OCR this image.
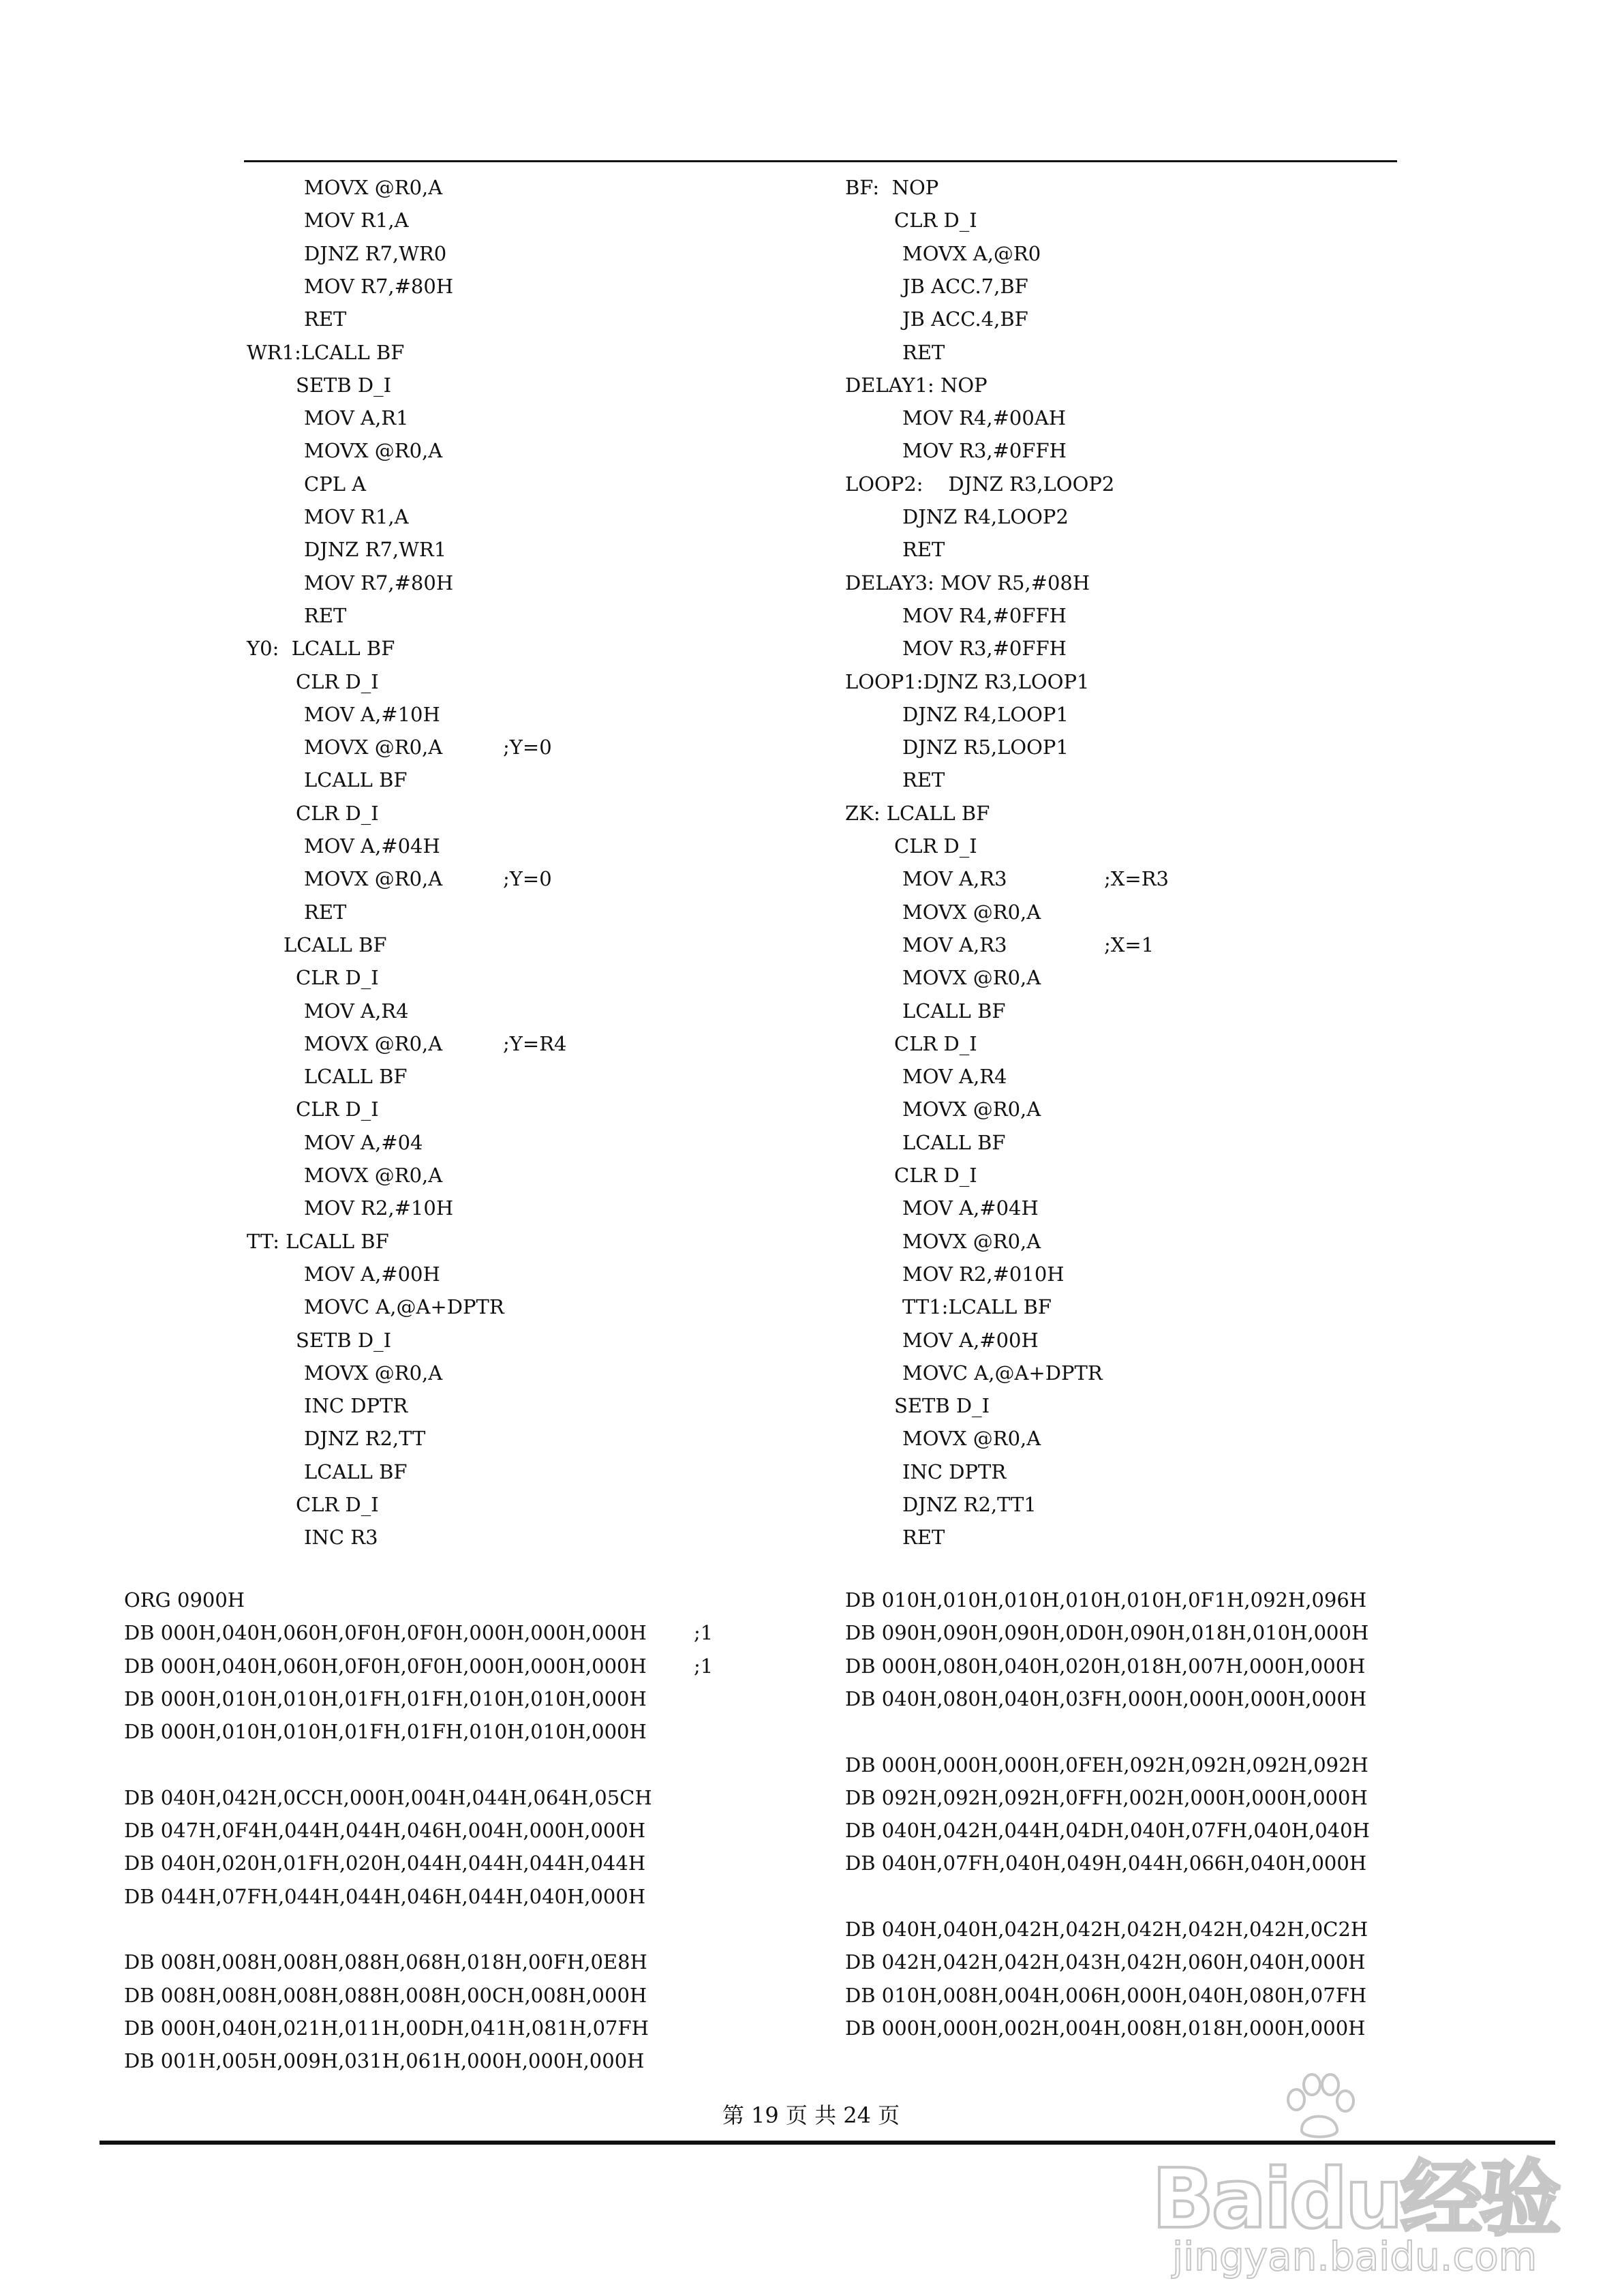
MOVX @R0,A
MOV R1,A
DJNZ R7,WR0
MOV R7,#80H
RET
WR1:LCALL BF
SETB D_I
MOV A,R1
MOVX @R0,A
CPL A
MOV R1,A
DJNZ R7,WR1
MOV R7,#80H
RET
Y0:  LCALL BF
CLR D_I
MOV A,#10H
MOVX @R0,A	;Y=0
LCALL BF
CLR D_I
MOV A,#04H
MOVX @R0,A	;Y=0
RET
LCALL BF
CLR D_I
MOV A,R4
MOVX @R0,A	;Y=R4
LCALL BF
CLR D_I
MOV A,#04
MOVX @R0,A
MOV R2,#10H
TT: LCALL BF
MOV A,#00H
MOVC A,@A+DPTR
SETB D_I
MOVX @R0,A
INC DPTR
DJNZ R2,TT
LCALL BF
CLR D_I
INC R3
BF:  NOP
CLR D_I
MOVX A,@R0
JB ACC.7,BF
JB ACC.4,BF
RET
DELAY1: NOP
MOV R4,#00AH
MOV R3,#0FFH
LOOP2:    DJNZ R3,LOOP2
DJNZ R4,LOOP2
RET
DELAY3: MOV R5,#08H
MOV R4,#0FFH
MOV R3,#0FFH
LOOP1:DJNZ R3,LOOP1
DJNZ R4,LOOP1
DJNZ R5,LOOP1
RET
ZK: LCALL BF
CLR D_I
MOV A,R3	;X=R3
MOVX @R0,A
MOV A,R3	;X=1
MOVX @R0,A
LCALL BF
CLR D_I
MOV A,R4
MOVX @R0,A
LCALL BF
CLR D_I
MOV A,#04H
MOVX @R0,A
MOV R2,#010H
TT1:LCALL BF
MOV A,#00H
MOVC A,@A+DPTR
SETB D_I
MOVX @R0,A
INC DPTR
DJNZ R2,TT1
RET
ORG 0900H
DB 000H,040H,060H,0F0H,0F0H,000H,000H,000H ;1
DB 000H,040H,060H,0F0H,0F0H,000H,000H,000H ;1
DB 000H,010H,010H,01FH,01FH,010H,010H,000H
DB 000H,010H,010H,01FH,01FH,010H,010H,000H
DB 040H,042H,0CCH,000H,004H,044H,064H,05CH
DB 047H,0F4H,044H,044H,046H,004H,000H,000H
DB 040H,020H,01FH,020H,044H,044H,044H,044H
DB 044H,07FH,044H,044H,046H,044H,040H,000H
DB 008H,008H,008H,088H,068H,018H,00FH,0E8H
DB 008H,008H,008H,088H,008H,00CH,008H,000H
DB 000H,040H,021H,011H,00DH,041H,081H,07FH
DB 001H,005H,009H,031H,061H,000H,000H,000H
DB 010H,010H,010H,010H,010H,0F1H,092H,096H
DB 090H,090H,090H,0D0H,090H,018H,010H,000H
DB 000H,080H,040H,020H,018H,007H,000H,000H
DB 040H,080H,040H,03FH,000H,000H,000H,000H
DB 000H,000H,000H,0FEH,092H,092H,092H,092H
DB 092H,092H,092H,0FFH,002H,000H,000H,000H
DB 040H,042H,044H,04DH,040H,07FH,040H,040H
DB 040H,07FH,040H,049H,044H,066H,040H,000H
DB 040H,040H,042H,042H,042H,042H,042H,0C2H
DB 042H,042H,042H,043H,042H,060H,040H,000H
DB 010H,008H,004H,006H,000H,040H,080H,07FH
DB 000H,000H,002H,004H,008H,018H,000H,000H
第 19 页 共 24 页
Baidu经验
jingyan.baidu.com
